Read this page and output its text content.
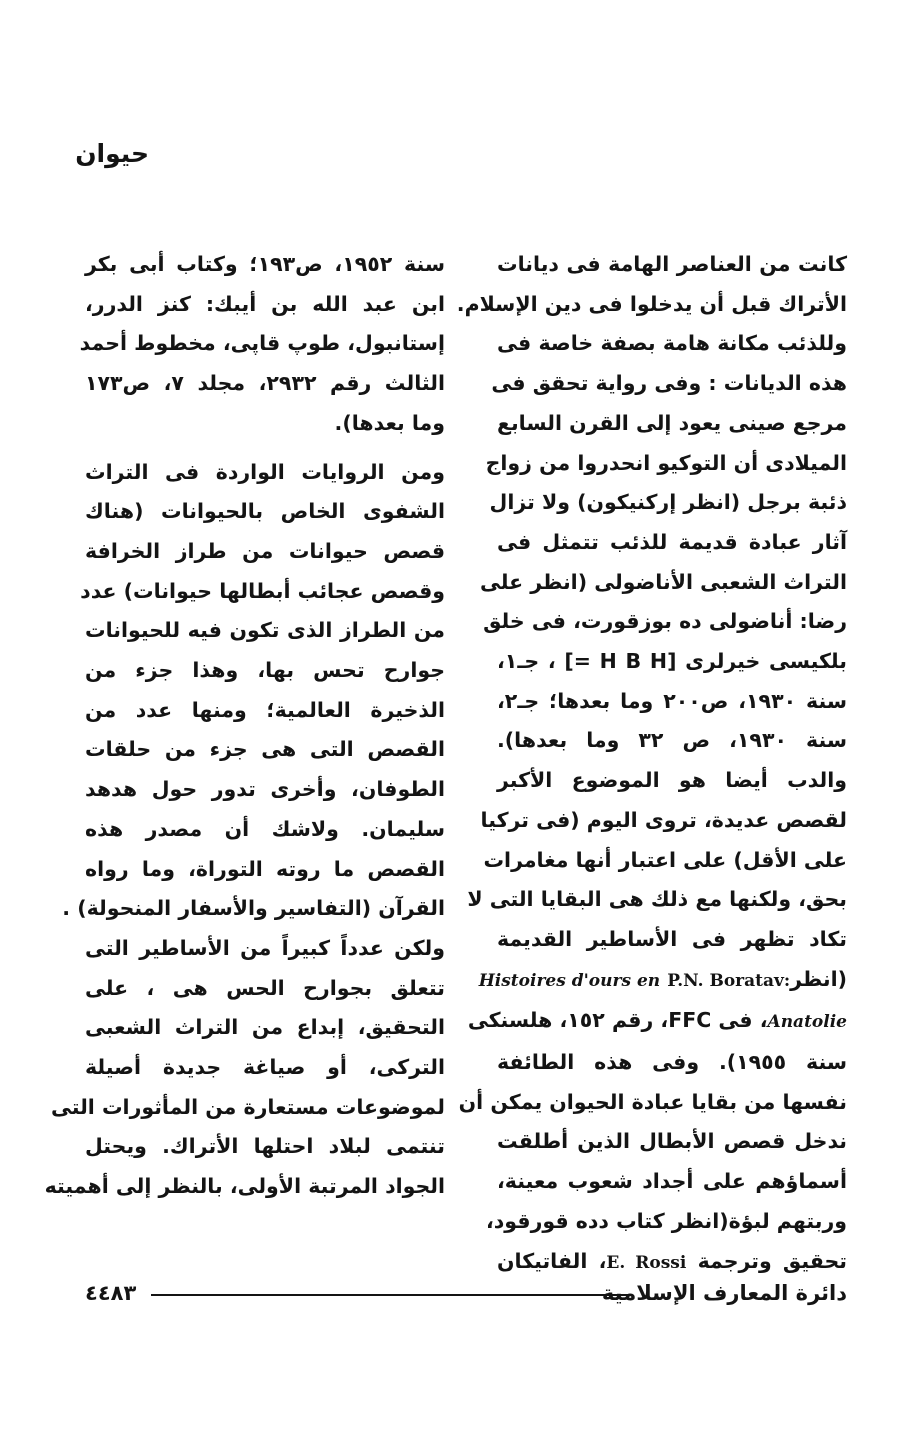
حيوان
كانت من العناصر الهامة فى ديانات
الأتراك قبل أن يدخلوا فى دين الإسلام.
وللذئب مكانة هامة بصفة خاصة فى
هذه الديانات : وفى رواية تحقق فى
مرجع صينى يعود إلى القرن السابع
الميلادى أن التوكيو انحدروا من زواج
ذئبة برجل (انظر إركنيكون) ولا تزال
آثار عبادة قديمة للذئب تتمثل فى
التراث الشعبى الأناضولى (انظر على
رضا: أناضولى ده بوزقورت، فى خلق
بلكيسى خيرلرى [H B H =] ، جـ١،
سنة ١٩٣٠، ص٢٠٠ وما بعدها؛ جـ٢،
سنة ١٩٣٠، ص ٣٢ وما بعدها).
والدب أيضا هو الموضوع الأكبر
لقصص عديدة، تروى اليوم (فى تركيا
على الأقل) على اعتبار أنها مغامرات
بحق، ولكنها مع ذلك هى البقايا التى لا
تكاد تظهر فى الأساطير القديمة
(انظرP.N. Boratav: Histoires d'ours en
Anatolie، فى FFC، رقم ١٥٢، هلسنكى
سنة ١٩٥٥). وفى هذه الطائفة
نفسها من بقايا عبادة الحيوان يمكن أن
ندخل قصص الأبطال الذين أطلقت
أسماؤهم على أجداد شعوب معينة،
وربتهم لبؤة(انظر كتاب دده قورقود،
تحقيق وترجمة E. Rossi، الفاتيكان
سنة ١٩٥٢، ص١٩٣؛ وكتاب أبى بكر
ابن عبد الله بن أيبك: كنز الدرر،
إستانبول، طوپ قاپى، مخطوط أحمد
الثالث رقم ٢٩٣٢، مجلد ٧، ص١٧٣
وما بعدها).
ومن الروايات الواردة فى التراث
الشفوى الخاص بالحيوانات (هناك
قصص حيوانات من طراز الخرافة
وقصص عجائب أبطالها حيوانات) عدد
من الطراز الذى تكون فيه للحيوانات
جوارح تحس بها، وهذا جزء من
الذخيرة العالمية؛ ومنها عدد من
القصص التى هى جزء من حلقات
الطوفان، وأخرى تدور حول هدهد
سليمان. ولاشك أن مصدر هذه
القصص ما روته التوراة، وما رواه
القرآن (التفاسير والأسفار المنحولة) .
ولكن عدداً كبيراً من الأساطير التى
تتعلق بجوارح الحس هى ، على
التحقيق، إبداع من التراث الشعبى
التركى، أو صياغة جديدة أصيلة
لموضوعات مستعارة من المأثورات التى
تنتمى لبلاد احتلها الأتراك. ويحتل
الجواد المرتبة الأولى، بالنظر إلى أهميته
دائرة المعارف الإسلامية
٤٤٨٣
